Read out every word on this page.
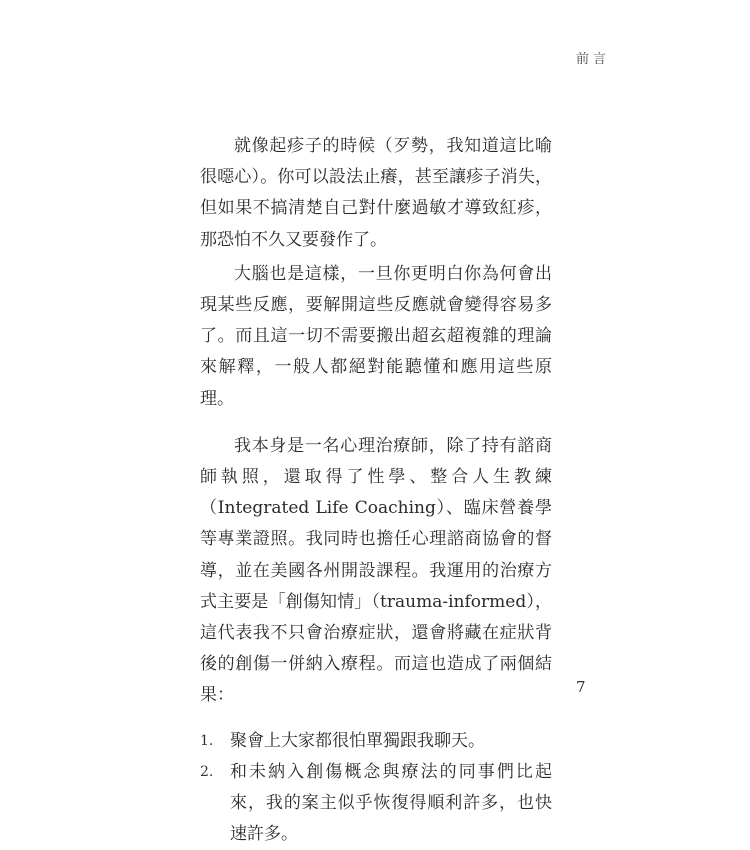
前言

就像起疹子的時候（歹勢，我知道這比喻很噁心）。你可以設法止癢，甚至讓疹子消失，但如果不搞清楚自己對什麼過敏才導致紅疹，那恐怕不久又要發作了。

大腦也是這樣，一旦你更明白你為何會出現某些反應，要解開這些反應就會變得容易多了。而且這一切不需要搬出超玄超複雜的理論來解釋，一般人都絕對能聽懂和應用這些原理。

我本身是一名心理治療師，除了持有諮商師執照，還取得了性學、整合人生教練（Integrated Life Coaching）、臨床營養學等專業證照。我同時也擔任心理諮商協會的督導，並在美國各州開設課程。我運用的治療方式主要是「創傷知情」（trauma-informed），這代表我不只會治療症狀，還會將藏在症狀背後的創傷一併納入療程。而這也造成了兩個結果：

1. 聚會上大家都很怕單獨跟我聊天。
2. 和未納入創傷概念與療法的同事們比起來，我的案主似乎恢復得順利許多，也快速許多。
7
